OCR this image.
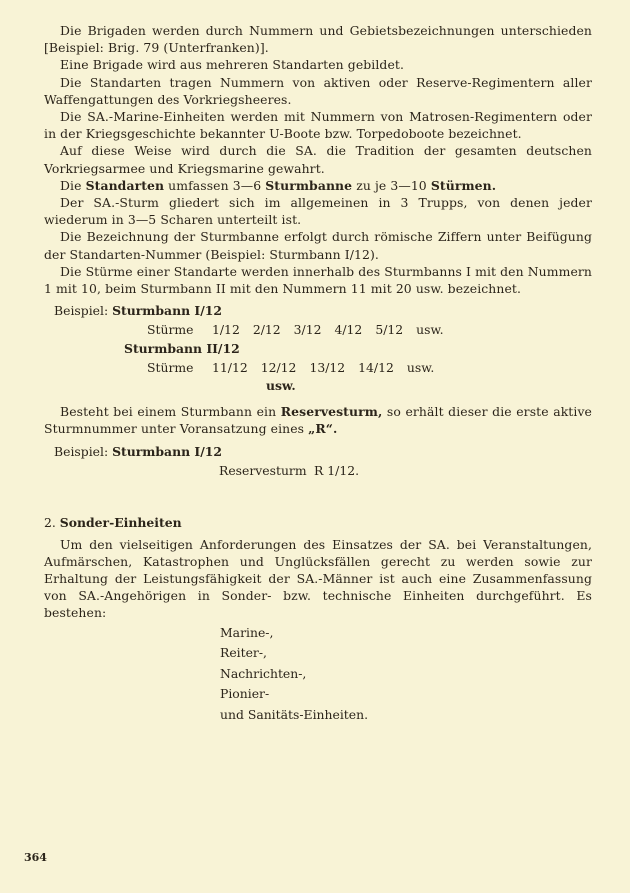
Die Brigaden werden durch Nummern und Gebietsbezeichnungen unterschieden [Beispiel: Brig. 79 (Unterfranken)].

Eine Brigade wird aus mehreren Standarten gebildet.

Die Standarten tragen Nummern von aktiven oder Reserve-Regimentern aller Waffengattungen des Vorkriegsheeres.

Die SA.-Marine-Einheiten werden mit Nummern von Matrosen-Regimentern oder in der Kriegsgeschichte bekannter U-Boote bzw. Torpedoboote bezeichnet.

Auf diese Weise wird durch die SA. die Tradition der gesamten deutschen Vorkriegsarmee und Kriegsmarine gewahrt.

Die Standarten umfassen 3—6 Sturmbanne zu je 3—10 Stürmen.

Der SA.-Sturm gliedert sich im allgemeinen in 3 Trupps, von denen jeder wiederum in 3—5 Scharen unterteilt ist.

Die Bezeichnung der Sturmbanne erfolgt durch römische Ziffern unter Beifügung der Standarten-Nummer (Beispiel: Sturmbann I/12).

Die Stürme einer Standarte werden innerhalb des Sturmbanns I mit den Nummern 1 mit 10, beim Sturmbann II mit den Nummern 11 mit 20 usw. bezeichnet.

Beispiel: Sturmbann I/12
Stürme	1/12 2/12 3/12 4/12 5/12 usw.
Sturmbann II/12
Stürme	11/12 12/12 13/12 14/12 usw.
usw.

Besteht bei einem Sturmbann ein Reservesturm, so erhält dieser die erste aktive Sturmnummer unter Voransatzung eines „R“.

Beispiel: Sturmbann I/12
Reservesturm R 1/12.

2. Sonder-Einheiten

Um den vielseitigen Anforderungen des Einsatzes der SA. bei Veranstaltungen, Aufmärschen, Katastrophen und Unglücksfällen gerecht zu werden sowie zur Erhaltung der Leistungsfähigkeit der SA.-Männer ist auch eine Zusammenfassung von SA.-Angehörigen in Sonder- bzw. technische Einheiten durchgeführt. Es bestehen:

Marine-,
Reiter-,
Nachrichten-,
Pionier-
und Sanitäts-Einheiten.
364
